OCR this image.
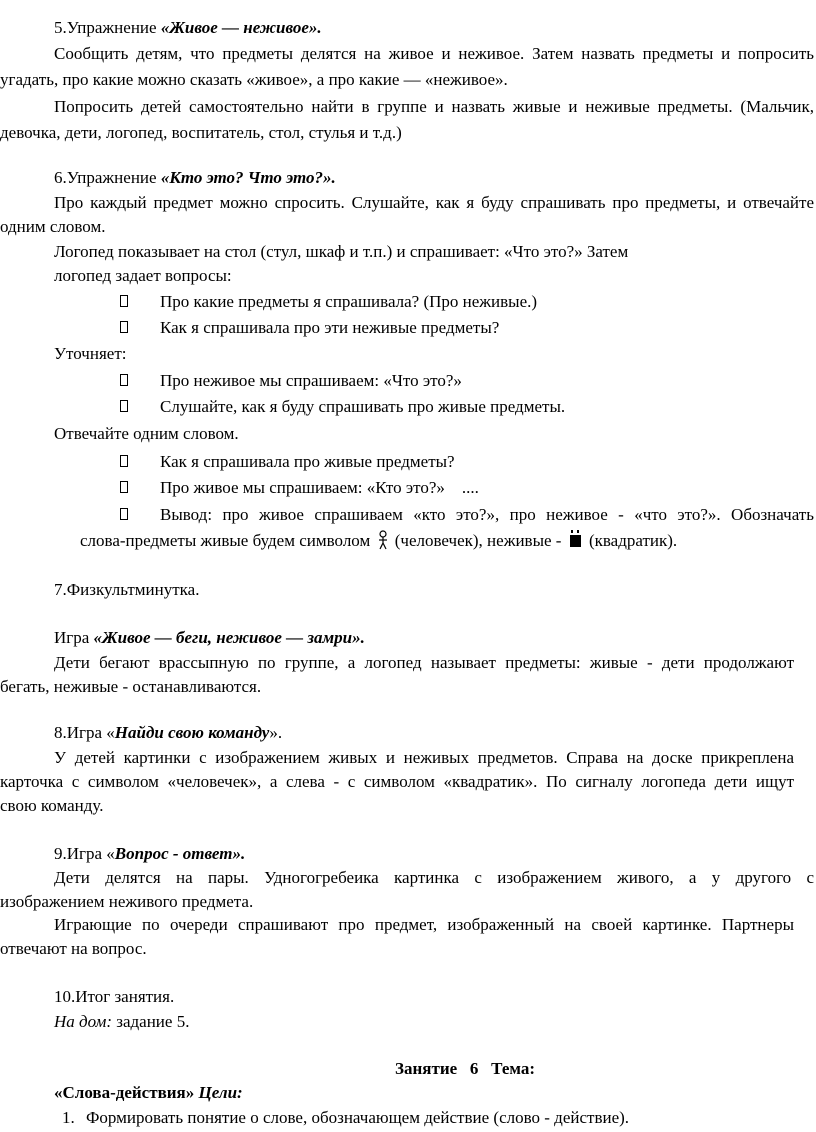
5.Упражнение «Живое — неживое».
Сообщить детям, что предметы делятся на живое и неживое. Затем назвать предметы и попросить
угадать, про какие можно сказать «живое», а про какие — «неживое».
Попросить детей самостоятельно найти в группе и назвать живые и неживые предметы. (Мальчик,
девочка, дети, логопед, воспитатель, стол, стулья и т.д.)
6.Упражнение «Кто это? Что это?».
Про каждый предмет можно спросить. Слушайте, как я буду спрашивать про предметы, и отвечайте
одним словом.
Логопед показывает на стол (стул, шкаф и т.п.) и спрашивает: «Что это?» Затем
логопед задает вопросы:
Про какие предметы я спрашивала? (Про неживые.)
Как я спрашивала про эти неживые предметы?
Уточняет:
Про неживое мы спрашиваем: «Что это?»
Слушайте, как я буду спрашивать про живые предметы.
Отвечайте одним словом.
Как я спрашивала про живые предметы?
Про живое мы спрашиваем: «Кто это?»    ....
Вывод: про живое спрашиваем «кто это?», про неживое - «что это?». Обозначать
слова-предметы живые будем символом (человечек), неживые - (квадратик).
7.Физкультминутка.
Игра «Живое — беги, неживое — замри».
Дети бегают врассыпную по группе, а логопед называет предметы: живые - дети продолжают
бегать, неживые - останавливаются.
8.Игра «Найди свою команду».
У детей картинки с изображением живых и неживых предметов. Справа на доске прикреплена
карточка с символом «человечек», а слева - с символом «квадратик». По сигналу логопеда дети ищут
свою команду.
9.Игра «Вопрос - ответ».
Дети делятся на пары. Удногогребеика картинка с изображением живого, а у другого с
изображением неживого предмета.
Играющие по очереди спрашивают про предмет, изображенный на своей картинке. Партнеры
отвечают на вопрос.
10.Итог занятия.
На дом: задание 5.
Занятие   6   Тема:
«Слова-действия» Цели:
1. Формировать понятие о слове, обозначающем действие (слово - действие).
